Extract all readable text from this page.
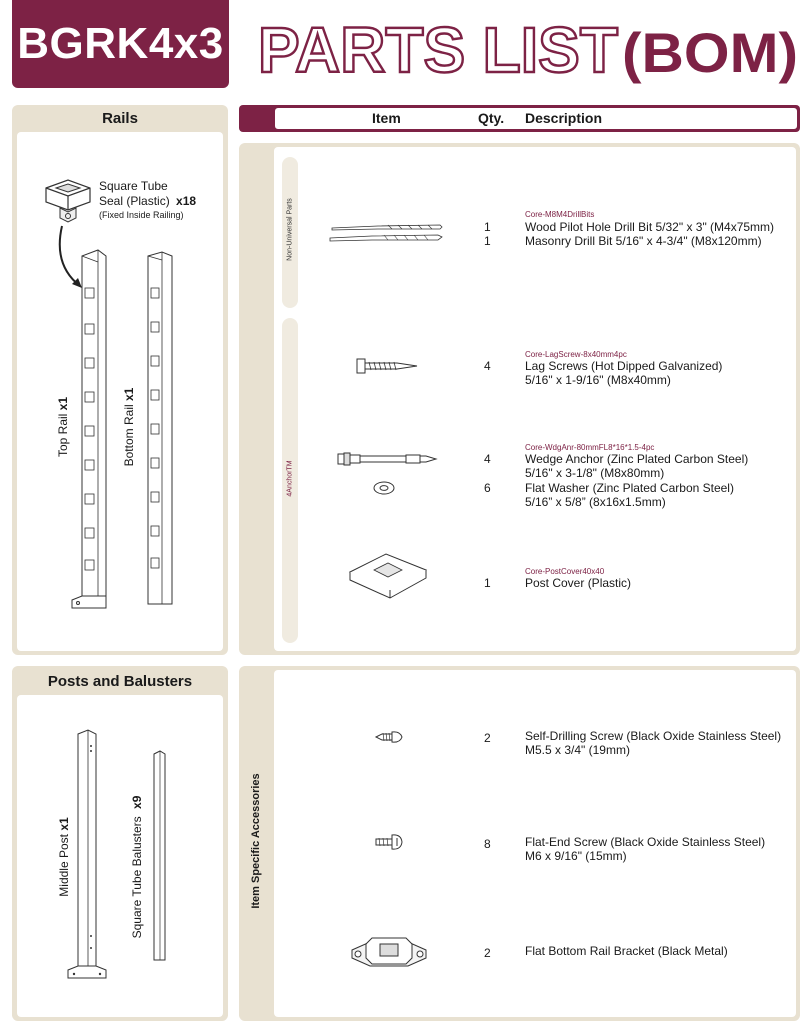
BGRK4x3 PARTS LIST (BOM)
Rails
Square Tube
Seal (Plastic) x18
(Fixed Inside Railing)
Top Rail x1
Bottom Rail x1
Posts and Balusters
Middle Post x1	Square Tube Balusters x9
Item	Qty. Description
Non-Universal Parts
4AnchorTM
Core-M8M4DrillBits
1	Wood Pilot Hole Drill Bit 5/32" x 3" (M4x75mm)
1	Masonry Drill Bit 5/16" x 4-3/4" (M8x120mm)
Core-LagScrew-8x40mm4pc
4	Lag Screws (Hot Dipped Galvanized)
5/16" x 1-9/16" (M8x40mm)
Core-WdgAnr-80mmFL8*16*1.5-4pc
4	Wedge Anchor (Zinc Plated Carbon Steel)
5/16" x 3-1/8" (M8x80mm)
6	Flat Washer (Zinc Plated Carbon Steel)
5/16” x 5/8” (8x16x1.5mm)
Core-PostCover40x40
1	Post Cover (Plastic)
Item Specific Accessories
2	Self-Drilling Screw (Black Oxide Stainless Steel)
M5.5 x 3/4" (19mm)
8	Flat-End Screw (Black Oxide Stainless Steel)
M6 x 9/16" (15mm)
2	Flat Bottom Rail Bracket (Black Metal)
